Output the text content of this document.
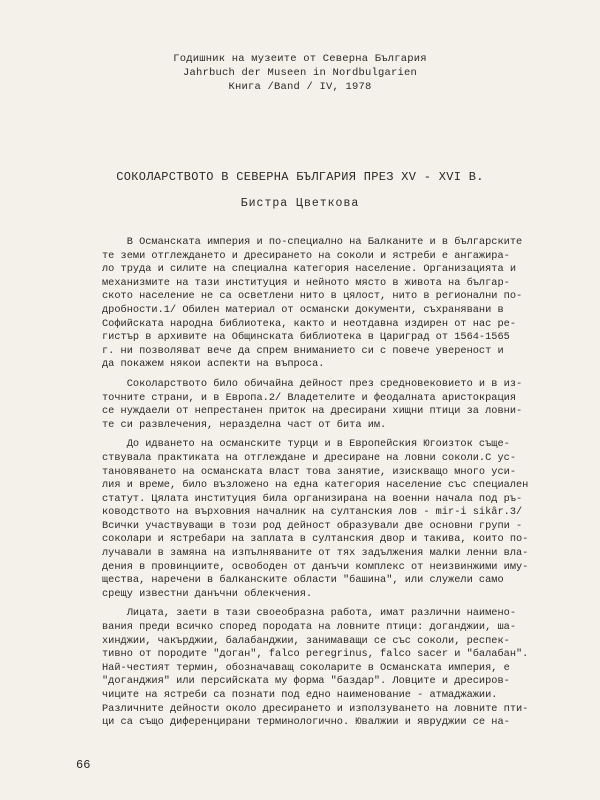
Годишник на музеите от Северна България
Jahrbuch der Museen in Nordbulgarien
Книга /Band / IV, 1978
СОКОЛАРСТВОТО В СЕВЕРНА БЪЛГАРИЯ ПРЕЗ XV - XVI В.
Бистра Цветкова
В Османската империя и по-специално на Балканите и в българските
те земи отглеждането и дресирането на соколи и ястреби е ангажира-
ло труда и силите на специална категория население. Организацията и
механизмите на тази институция и нейното място в живота на българ-
ското население не са осветлени нито в цялост, нито в регионални по-
дробности.1/ Обилен материал от османски документи, съхранявани в
Софийската народна библиотека, както и неотдавна издирен от нас ре-
гистър в архивите на Общинската библиотека в Цариград от 1564-1565
г. ни позволяват вече да спрем вниманието си с повече увереност и
да покажем някои аспекти на въпроса.
Соколарството било обичайна дейност през средновековието и в из-
точните страни, и в Европа.2/ Владетелите и феодалната аристокрация
се нуждаели от непрестанен приток на дресирани хищни птици за ловни-
те си развлечения, неразделна част от бита им.
До идването на османските турци и в Европейския Югоизток съще-
ствувала практиката на отглеждане и дресиране на ловни соколи.С ус-
тановяването на османската власт това занятие, изискващо много уси-
лия и време, било възложено на една категория население със специален
статут. Цялата институция била организирана на военни начала под ръ-
ководството на върховния началник на султанския лов - mir-i sikâr.3/
Всички участвуващи в този род дейност образували две основни групи -
соколари и ястребари на заплата в султанския двор и такива, които по-
лучавали в замяна на изпълняваните от тях задължения малки ленни вла-
дения в провинциите, освободен от данъчи комплекс от неизвинжими иму-
щества, наречени в балканските области "башина", или служели само
срещу известни данъчни облекчения.
Лицата, заети в тази своеобразна работа, имат различни наимено-
вания преди всичко според породата на ловните птици: доганджии, ша-
хинджии, чакърджии, балабанджии, занимаващи се със соколи, респек-
тивно от породите "доган", falco peregrinus, falco sacer и "балабан".
Най-честият термин, обозначаващ соколарите в Османската империя, е
"доганджия" или персийската му форма "баздар". Ловците и дресиров-
чиците на ястреби са познати под едно наименование - атмаджажии.
Различните дейности около дресирането и използуването на ловните пти-
ци са също диференцирани терминологично. Ювалжии и явруджии се на-
66
